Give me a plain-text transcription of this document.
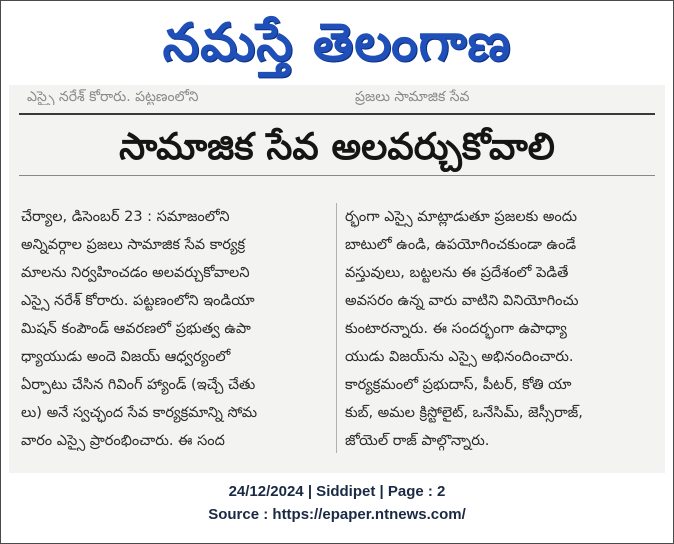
నమస్తే తెలంగాణ
ఎస్సై నరేశ్ కోరారు. పట్టణంలోని	ప్రజలు సామాజిక సేవ
సామాజిక సేవ అలవర్చుకోవాలి
చేర్యాల, డిసెంబర్ 23 : సమాజంలోని
అన్నివర్గాల ప్రజలు సామాజిక సేవ కార్యక్ర
మాలను నిర్వహించడం అలవర్చుకోవాలని
ఎస్సై నరేశ్ కోరారు. పట్టణంలోని ఇండియా
మిషన్ కంపౌండ్ ఆవరణలో ప్రభుత్వ ఉపా
ధ్యాయుడు అందె విజయ్ ఆధ్వర్యంలో
ఏర్పాటు చేసిన గివింగ్ హ్యాండ్ (ఇచ్చే చేతు
లు) అనే స్వచ్ఛంద సేవ కార్యక్రమాన్ని సోమ
వారం ఎస్సై ప్రారంభించారు. ఈ సంద
ర్భంగా ఎస్సై మాట్లాడుతూ ప్రజలకు అందు
బాటులో ఉండి, ఉపయోగించకుండా ఉండే
వస్తువులు, బట్టలను ఈ ప్రదేశంలో పెడితే
అవసరం ఉన్న వారు వాటిని వినియోగించు
కుంటారన్నారు. ఈ సందర్భంగా ఉపాధ్యా
యుడు విజయ్‌ను ఎస్సై అభినందించారు.
కార్యక్రమంలో ప్రభుదాస్, పీటర్, కోతి యా
కుబ్, అమల క్రిస్టోలైట్, ఒనేసిమ్, జెస్సీరాజ్,
జోయెల్ రాజ్ పాల్గొన్నారు.
24/12/2024 | Siddipet | Page : 2
Source : https://epaper.ntnews.com/
